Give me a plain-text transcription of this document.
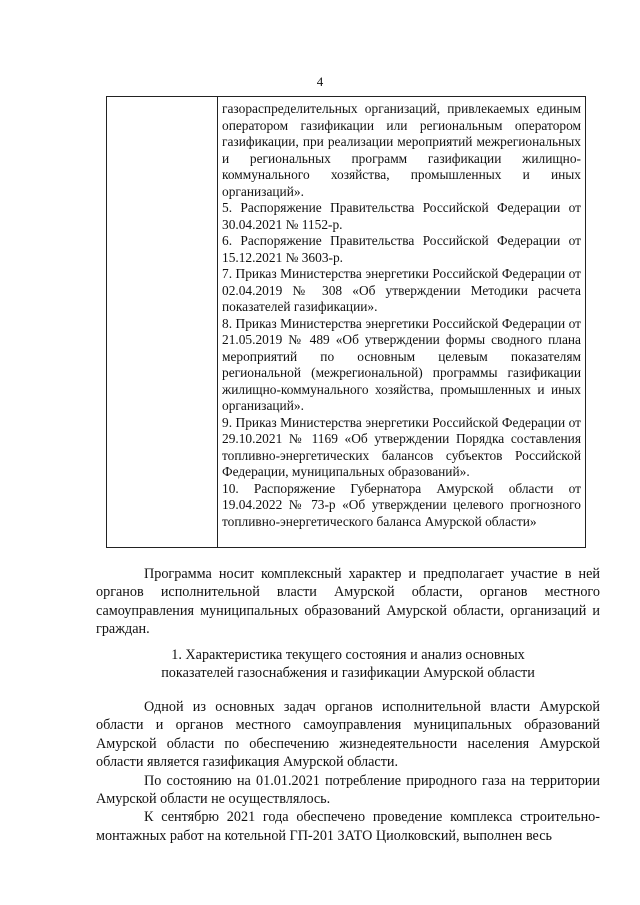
4

газораспределительных организаций, привлекаемых единым оператором газификации или региональным оператором газификации, при реализации мероприятий межрегиональных и региональных программ газификации жилищно-коммунального хозяйства, промышленных и иных организаций».

5. Распоряжение Правительства Российской Федерации от 30.04.2021 № 1152-р.

6. Распоряжение Правительства Российской Федерации от 15.12.2021 № 3603-р.

7. Приказ Министерства энергетики Российской Федерации от 02.04.2019 № 308 «Об утверждении Методики расчета показателей газификации».

8. Приказ Министерства энергетики Российской Федерации от 21.05.2019 № 489 «Об утверждении формы сводного плана мероприятий по основным целевым показателям региональной (межрегиональной) программы газификации жилищно-коммунального хозяйства, промышленных и иных организаций».

9. Приказ Министерства энергетики Российской Федерации от 29.10.2021 № 1169 «Об утверждении Порядка составления топливно-энергетических балансов субъектов Российской Федерации, муниципальных образований».

10. Распоряжение Губернатора Амурской области от 19.04.2022 № 73-р «Об утверждении целевого прогнозного топливно-энергетического баланса Амурской области»

Программа носит комплексный характер и предполагает участие в ней органов исполнительной власти Амурской области, органов местного самоуправления муниципальных образований Амурской области, организаций и граждан.

1. Характеристика текущего состояния и анализ основных

показателей газоснабжения и газификации Амурской области

Одной из основных задач органов исполнительной власти Амурской области и органов местного самоуправления муниципальных образований Амурской области по обеспечению жизнедеятельности населения Амурской области является газификация Амурской области.

По состоянию на 01.01.2021 потребление природного газа на территории Амурской области не осуществлялось.

К сентябрю 2021 года обеспечено проведение комплекса строительно-монтажных работ на котельной ГП-201 ЗАТО Циолковский, выполнен весь
